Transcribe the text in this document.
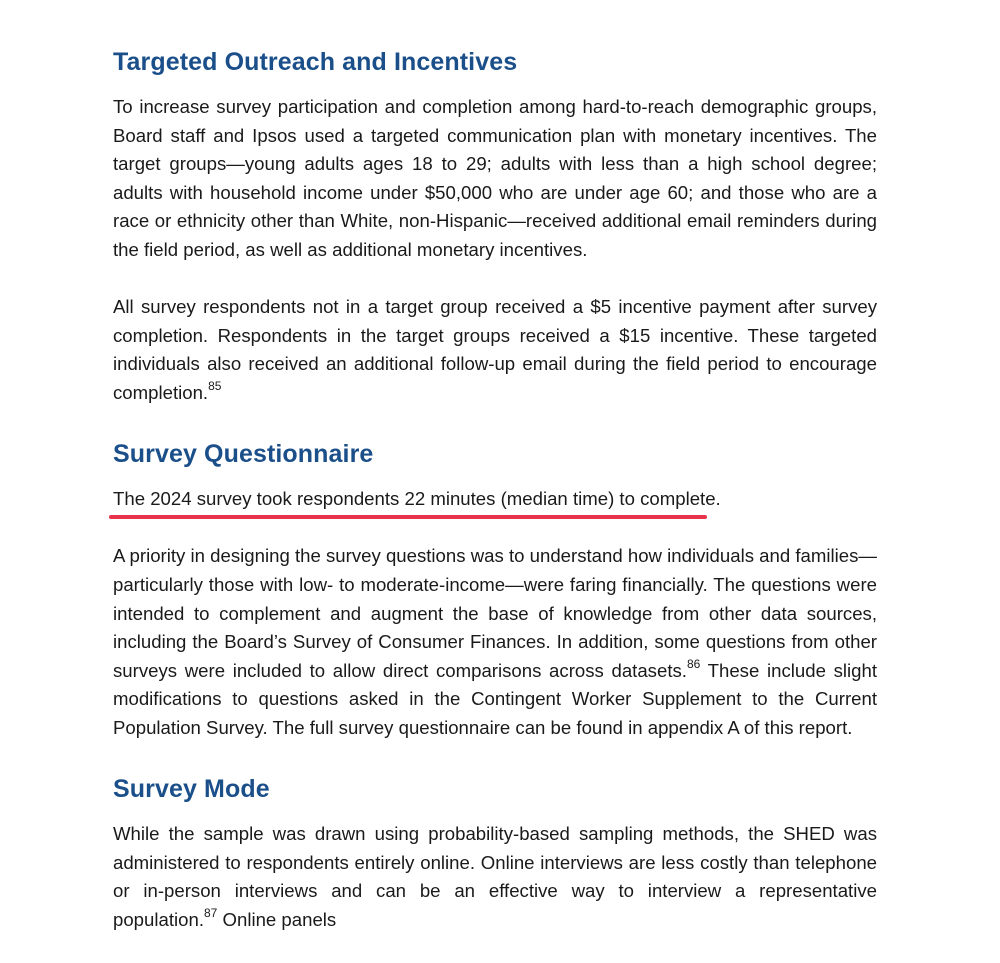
Targeted Outreach and Incentives

To increase survey participation and completion among hard-to-reach demographic groups, Board staff and Ipsos used a targeted communication plan with monetary incentives. The target groups—young adults ages 18 to 29; adults with less than a high school degree; adults with household income under $50,000 who are under age 60; and those who are a race or ethnicity other than White, non-Hispanic—received additional email reminders during the field period, as well as additional monetary incentives.

All survey respondents not in a target group received a $5 incentive payment after survey completion. Respondents in the target groups received a $15 incentive. These targeted individuals also received an additional follow-up email during the field period to encourage completion.$^{85}$

Survey Questionnaire

The 2024 survey took respondents 22 minutes (median time) to complete.

A priority in designing the survey questions was to understand how individuals and families—particularly those with low- to moderate-income—were faring financially. The questions were intended to complement and augment the base of knowledge from other data sources, including the Board’s Survey of Consumer Finances. In addition, some questions from other surveys were included to allow direct comparisons across datasets.$^{86}$ These include slight modifications to questions asked in the Contingent Worker Supplement to the Current Population Survey. The full survey questionnaire can be found in appendix A of this report.

Survey Mode

While the sample was drawn using probability-based sampling methods, the SHED was administered to respondents entirely online. Online interviews are less costly than telephone or in-person interviews and can be an effective way to interview a representative population.$^{87}$ Online panels
